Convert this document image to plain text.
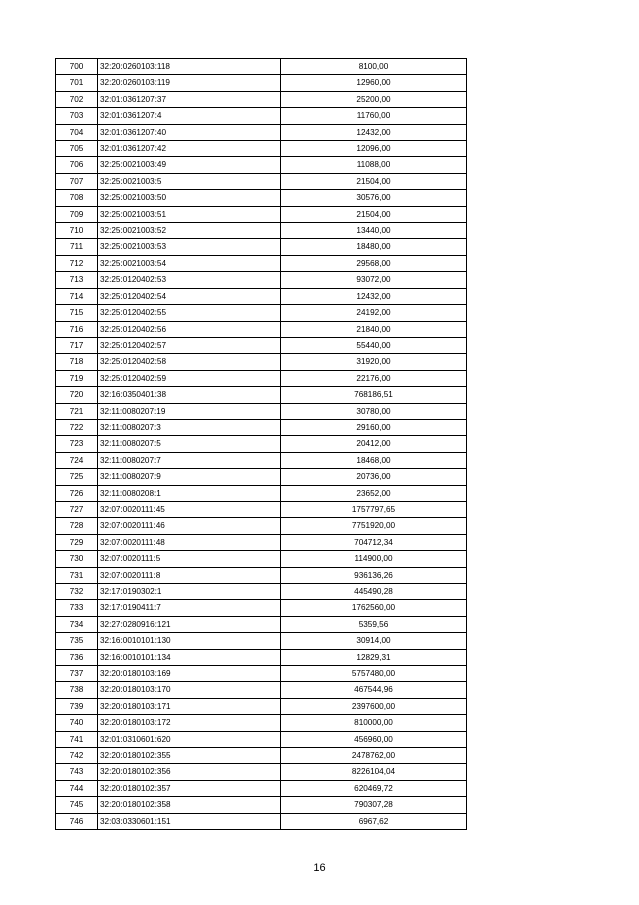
700	32:20:0260103:118	8100,00
701	32:20:0260103:119	12960,00
702	32:01:0361207:37	25200,00
703	32:01:0361207:4	11760,00
704	32:01:0361207:40	12432,00
705	32:01:0361207:42	12096,00
706	32:25:0021003:49	11088,00
707	32:25:0021003:5	21504,00
708	32:25:0021003:50	30576,00
709	32:25:0021003:51	21504,00
710	32:25:0021003:52	13440,00
711	32:25:0021003:53	18480,00
712	32:25:0021003:54	29568,00
713	32:25:0120402:53	93072,00
714	32:25:0120402:54	12432,00
715	32:25:0120402:55	24192,00
716	32:25:0120402:56	21840,00
717	32:25:0120402:57	55440,00
718	32:25:0120402:58	31920,00
719	32:25:0120402:59	22176,00
720	32:16:0350401:38	768186,51
721	32:11:0080207:19	30780,00
722	32:11:0080207:3	29160,00
723	32:11:0080207:5	20412,00
724	32:11:0080207:7	18468,00
725	32:11:0080207:9	20736,00
726	32:11:0080208:1	23652,00
727	32:07:0020111:45	1757797,65
728	32:07:0020111:46	7751920,00
729	32:07:0020111:48	704712,34
730	32:07:0020111:5	114900,00
731	32:07:0020111:8	936136,26
732	32:17:0190302:1	445490,28
733	32:17:0190411:7	1762560,00
734	32:27:0280916:121	5359,56
735	32:16:0010101:130	30914,00
736	32:16:0010101:134	12829,31
737	32:20:0180103:169	5757480,00
738	32:20:0180103:170	467544,96
739	32:20:0180103:171	2397600,00
740	32:20:0180103:172	810000,00
741	32:01:0310601:620	456960,00
742	32:20:0180102:355	2478762,00
743	32:20:0180102:356	8226104,04
744	32:20:0180102:357	620469,72
745	32:20:0180102:358	790307,28
746	32:03:0330601:151	6967,62
16
